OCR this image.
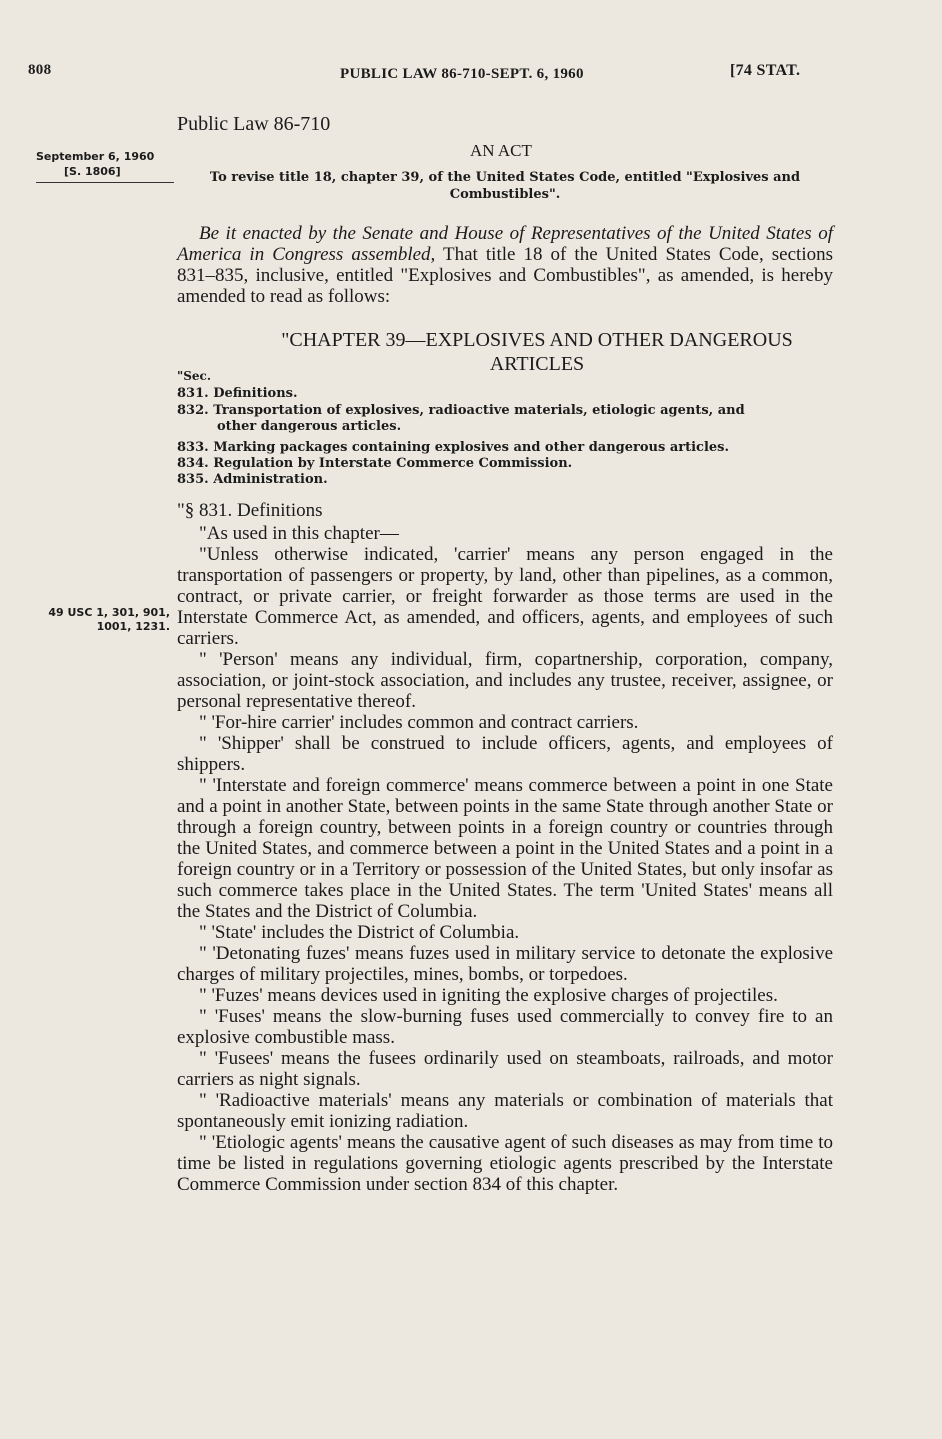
808	PUBLIC LAW 86-710-SEPT. 6, 1960	[74 STAT.
Public Law 86-710
AN ACT
September 6, 1960
[S. 1806]	To revise title 18, chapter 39, of the United States Code, entitled "Explosives and Combustibles".
Be it enacted by the Senate and House of Representatives of the United States of America in Congress assembled, That title 18 of the United States Code, sections 831–835, inclusive, entitled "Explosives and Combustibles", as amended, is hereby amended to read as follows:
"CHAPTER 39—EXPLOSIVES AND OTHER DANGEROUS ARTICLES
"Sec.
831. Definitions.
832. Transportation of explosives, radioactive materials, etiologic agents, and
other dangerous articles.
833. Marking packages containing explosives and other dangerous articles.
834. Regulation by Interstate Commerce Commission.
835. Administration.
"§ 831. Definitions
49 USC 1, 301, 901, 1001, 1231.

"As used in this chapter—

"Unless otherwise indicated, 'carrier' means any person engaged in the transportation of passengers or property, by land, other than pipelines, as a common, contract, or private carrier, or freight forwarder as those terms are used in the Interstate Commerce Act, as amended, and officers, agents, and employees of such carriers.

" 'Person' means any individual, firm, copartnership, corporation, company, association, or joint-stock association, and includes any trustee, receiver, assignee, or personal representative thereof.

" 'For-hire carrier' includes common and contract carriers.

" 'Shipper' shall be construed to include officers, agents, and employees of shippers.

" 'Interstate and foreign commerce' means commerce between a point in one State and a point in another State, between points in the same State through another State or through a foreign country, between points in a foreign country or countries through the United States, and commerce between a point in the United States and a point in a foreign country or in a Territory or possession of the United States, but only insofar as such commerce takes place in the United States. The term 'United States' means all the States and the District of Columbia.

" 'State' includes the District of Columbia.

" 'Detonating fuzes' means fuzes used in military service to detonate the explosive charges of military projectiles, mines, bombs, or torpedoes.

" 'Fuzes' means devices used in igniting the explosive charges of projectiles.

" 'Fuses' means the slow-burning fuses used commercially to convey fire to an explosive combustible mass.

" 'Fusees' means the fusees ordinarily used on steamboats, railroads, and motor carriers as night signals.

" 'Radioactive materials' means any materials or combination of materials that spontaneously emit ionizing radiation.

" 'Etiologic agents' means the causative agent of such diseases as may from time to time be listed in regulations governing etiologic agents prescribed by the Interstate Commerce Commission under section 834 of this chapter.
